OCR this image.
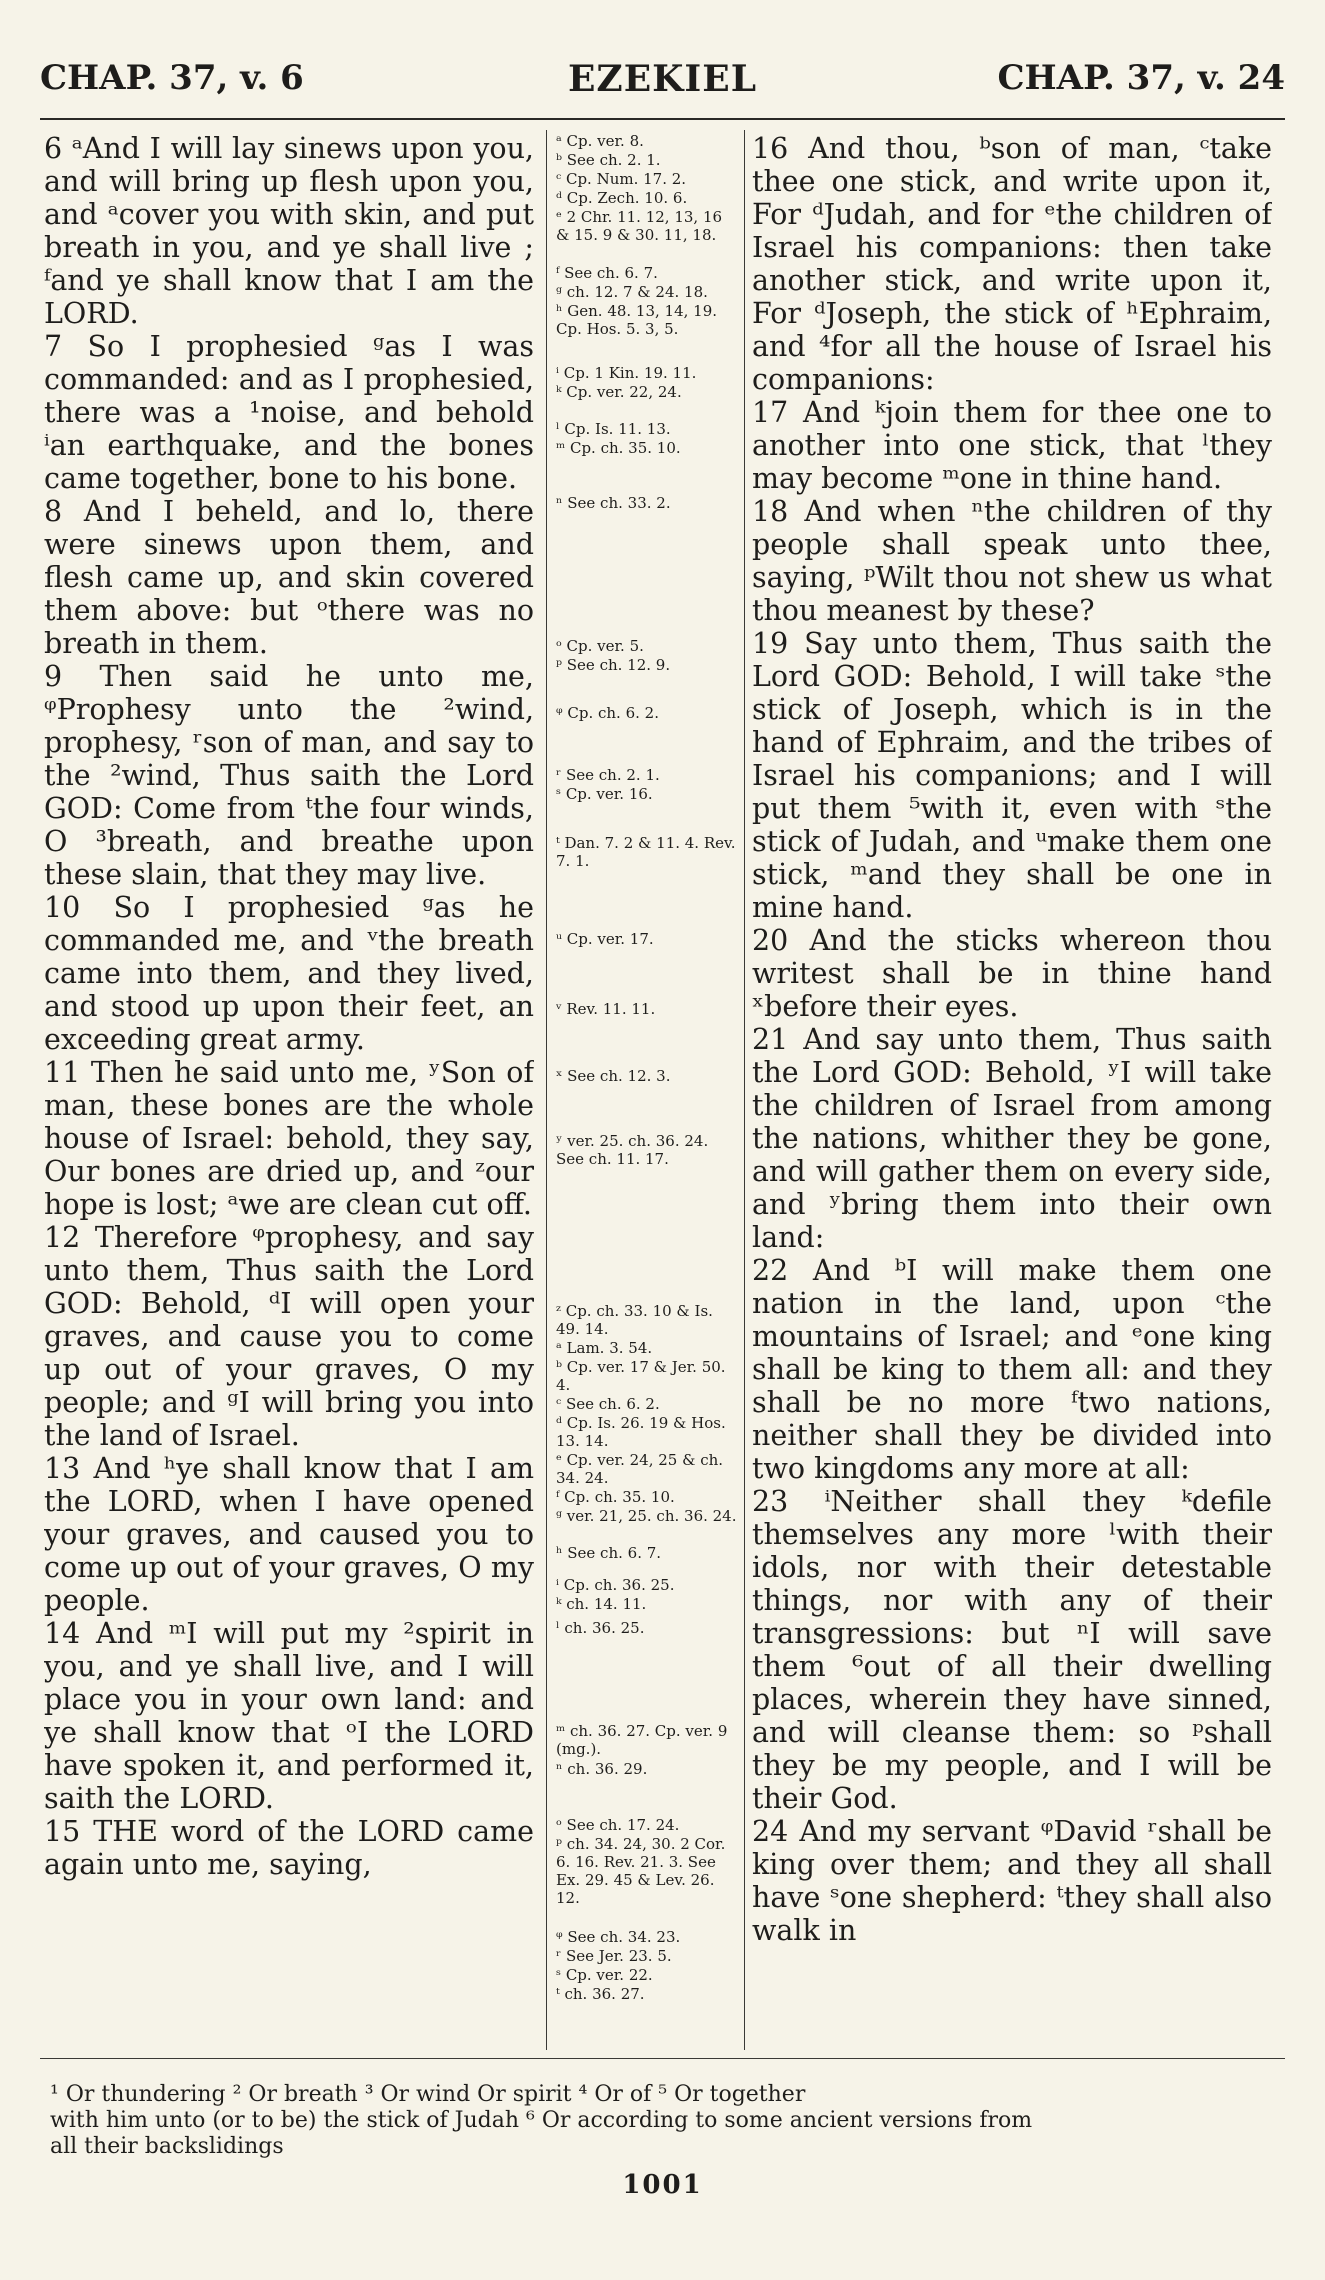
CHAP. 37, v. 6	EZEKIEL	CHAP. 37, v. 24

6 ᵃAnd I will lay sinews upon you, and will bring up flesh upon you, and ᵃcover you with skin, and put breath in you, and ye shall live ; ᶠand ye shall know that I am the LORD.

7 So I prophesied ᵍas I was commanded: and as I prophesied, there was a ¹noise, and behold ⁱan earthquake, and the bones came together, bone to his bone.

8 And I beheld, and lo, there were sinews upon them, and flesh came up, and skin covered them above: but ᵒthere was no breath in them.

9 Then said he unto me, ᵠProphesy unto the ²wind, prophesy, ʳson of man, and say to the ²wind, Thus saith the Lord GOD: Come from ᵗthe four winds, O ³breath, and breathe upon these slain, that they may live.

10 So I prophesied ᵍas he commanded me, and ᵛthe breath came into them, and they lived, and stood up upon their feet, an exceeding great army.

11 Then he said unto me, ʸSon of man, these bones are the whole house of Israel: behold, they say, Our bones are dried up, and ᶻour hope is lost; ᵃwe are clean cut off.

12 Therefore ᵠprophesy, and say unto them, Thus saith the Lord GOD: Behold, ᵈI will open your graves, and cause you to come up out of your graves, O my people; and ᵍI will bring you into the land of Israel.

13 And ʰye shall know that I am the LORD, when I have opened your graves, and caused you to come up out of your graves, O my people.

14 And ᵐI will put my ²spirit in you, and ye shall live, and I will place you in your own land: and ye shall know that ᵒI the LORD have spoken it, and performed it, saith the LORD.

15 THE word of the LORD came again unto me, saying,

ᵃ Cp. ver. 8.
ᵇ See ch. 2. 1.
ᶜ Cp. Num. 17. 2.
ᵈ Cp. Zech. 10. 6.
ᵉ 2 Chr. 11. 12, 13, 16 & 15. 9 & 30. 11, 18.
ᶠ See ch. 6. 7.
ᵍ ch. 12. 7 & 24. 18.
ʰ Gen. 48. 13, 14, 19. Cp. Hos. 5. 3, 5.
ⁱ Cp. 1 Kin. 19. 11.
ᵏ Cp. ver. 22, 24.
ˡ Cp. Is. 11. 13.
ᵐ Cp. ch. 35. 10.
ⁿ See ch. 33. 2.
ᵒ Cp. ver. 5.
ᵖ See ch. 12. 9.
ᵠ Cp. ch. 6. 2.
ʳ See ch. 2. 1.
ˢ Cp. ver. 16.
ᵗ Dan. 7. 2 & 11. 4. Rev. 7. 1.
ᵘ Cp. ver. 17.
ᵛ Rev. 11. 11.
ˣ See ch. 12. 3.
ʸ ver. 25. ch. 36. 24. See ch. 11. 17.
ᶻ Cp. ch. 33. 10 & Is. 49. 14.
ᵃ Lam. 3. 54.
ᵇ Cp. ver. 17 & Jer. 50. 4.
ᶜ See ch. 6. 2.
ᵈ Cp. Is. 26. 19 & Hos. 13. 14.
ᵉ Cp. ver. 24, 25 & ch. 34. 24.
ᶠ Cp. ch. 35. 10.
ᵍ ver. 21, 25. ch. 36. 24.
ʰ See ch. 6. 7.
ⁱ Cp. ch. 36. 25.
ᵏ ch. 14. 11.
ˡ ch. 36. 25.
ᵐ ch. 36. 27. Cp. ver. 9 (mg.).
ⁿ ch. 36. 29.
ᵒ See ch. 17. 24.
ᵖ ch. 34. 24, 30. 2 Cor. 6. 16. Rev. 21. 3. See Ex. 29. 45 & Lev. 26. 12.
ᵠ See ch. 34. 23.
ʳ See Jer. 23. 5.
ˢ Cp. ver. 22.
ᵗ ch. 36. 27.

16 And thou, ᵇson of man, ᶜtake thee one stick, and write upon it, For ᵈJudah, and for ᵉthe children of Israel his companions: then take another stick, and write upon it, For ᵈJoseph, the stick of ʰEphraim, and ⁴for all the house of Israel his companions:

17 And ᵏjoin them for thee one to another into one stick, that ˡthey may become ᵐone in thine hand.

18 And when ⁿthe children of thy people shall speak unto thee, saying, ᵖWilt thou not shew us what thou meanest by these?

19 Say unto them, Thus saith the Lord GOD: Behold, I will take ˢthe stick of Joseph, which is in the hand of Ephraim, and the tribes of Israel his companions; and I will put them ⁵with it, even with ˢthe stick of Judah, and ᵘmake them one stick, ᵐand they shall be one in mine hand.

20 And the sticks whereon thou writest shall be in thine hand ˣbefore their eyes.

21 And say unto them, Thus saith the Lord GOD: Behold, ʸI will take the children of Israel from among the nations, whither they be gone, and will gather them on every side, and ʸbring them into their own land:

22 And ᵇI will make them one nation in the land, upon ᶜthe mountains of Israel; and ᵉone king shall be king to them all: and they shall be no more ᶠtwo nations, neither shall they be divided into two kingdoms any more at all:

23 ⁱNeither shall they ᵏdefile themselves any more ˡwith their idols, nor with their detestable things, nor with any of their transgressions: but ⁿI will save them ⁶out of all their dwelling places, wherein they have sinned, and will cleanse them: so ᵖshall they be my people, and I will be their God.

24 And my servant ᵠDavid ʳshall be king over them; and they all shall have ˢone shepherd: ᵗthey shall also walk in

¹ Or thundering ² Or breath ³ Or wind Or spirit ⁴ Or of ⁵ Or together
with him unto (or to be) the stick of Judah ⁶ Or according to some ancient versions from
all their backslidings
1001
